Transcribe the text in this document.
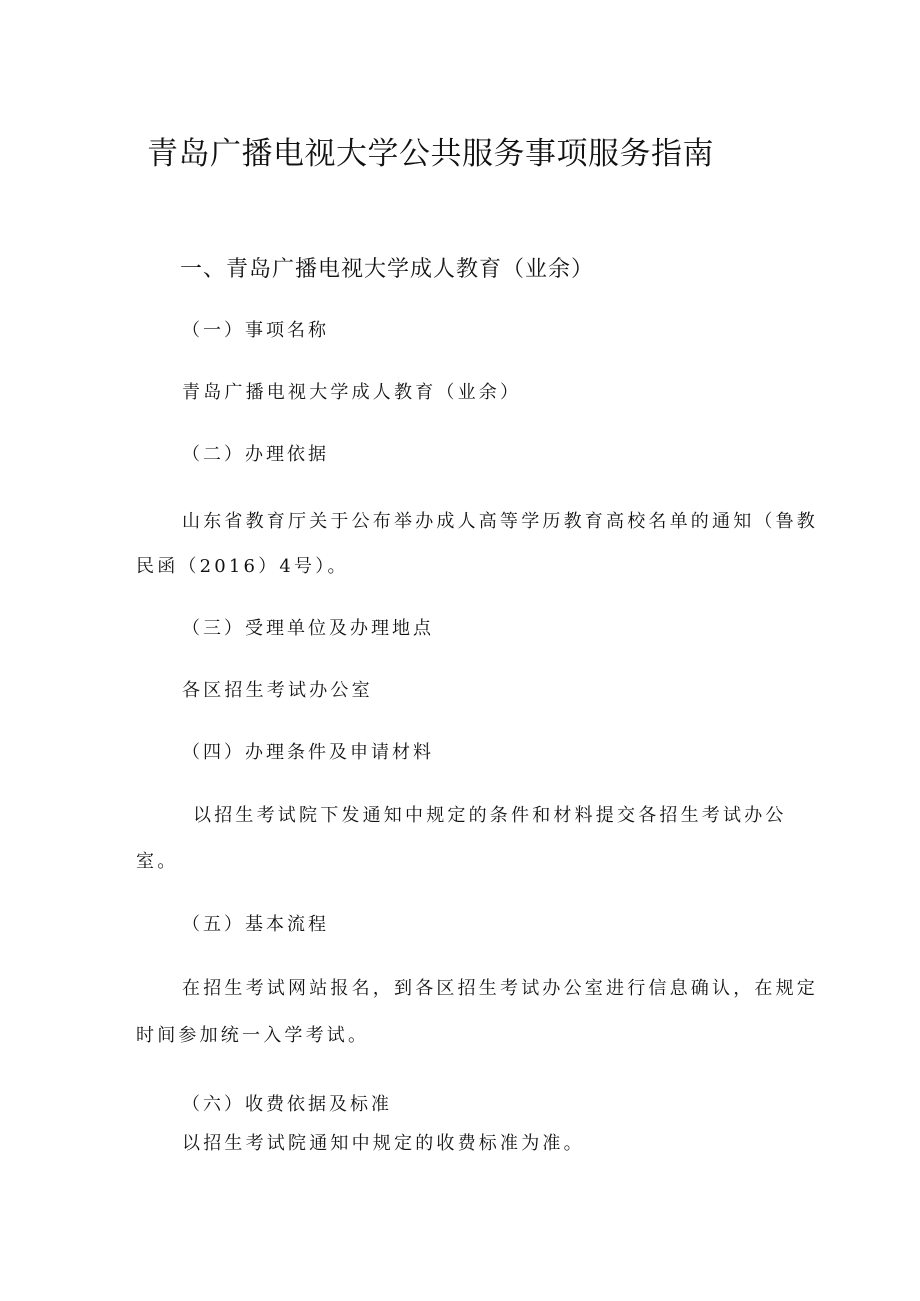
青岛广播电视大学公共服务事项服务指南
一、青岛广播电视大学成人教育（业余）
（一）事项名称
青岛广播电视大学成人教育（业余）
（二）办理依据
山东省教育厅关于公布举办成人高等学历教育高校名单的通知（鲁教
民函（2016）4号）。
（三）受理单位及办理地点
各区招生考试办公室
（四）办理条件及申请材料
以招生考试院下发通知中规定的条件和材料提交各招生考试办公
室。
（五）基本流程
在招生考试网站报名，到各区招生考试办公室进行信息确认，在规定
时间参加统一入学考试。
（六）收费依据及标准
以招生考试院通知中规定的收费标准为准。
